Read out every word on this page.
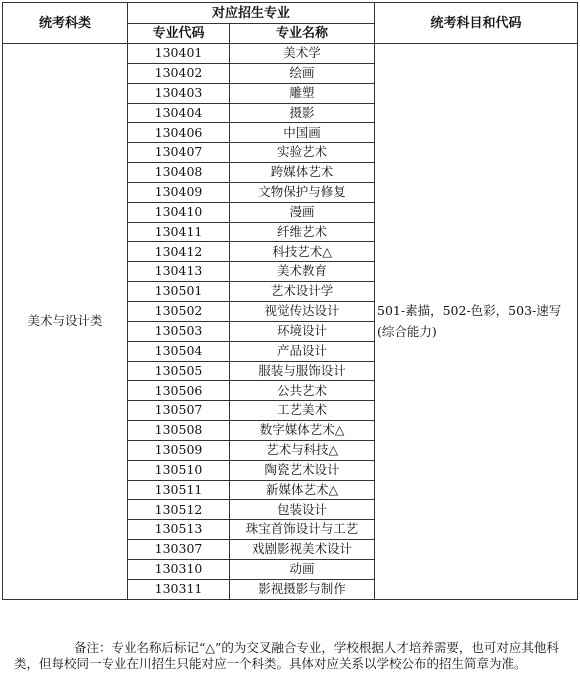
统考科类	对应招生专业		统考科目和代码
	专业代码	专业名称	
美术与设计类	130401	美术学	501-素描，502-色彩，503-速写(综合能力)
	130402	绘画	
	130403	雕塑	
	130404	摄影	
	130406	中国画	
	130407	实验艺术	
	130408	跨媒体艺术	
	130409	文物保护与修复	
	130410	漫画	
	130411	纤维艺术	
	130412	科技艺术△	
	130413	美术教育	
	130501	艺术设计学	
	130502	视觉传达设计	
	130503	环境设计	
	130504	产品设计	
	130505	服装与服饰设计	
	130506	公共艺术	
	130507	工艺美术	
	130508	数字媒体艺术△	
	130509	艺术与科技△	
	130510	陶瓷艺术设计	
	130511	新媒体艺术△	
	130512	包装设计	
	130513	珠宝首饰设计与工艺	
	130307	戏剧影视美术设计	
	130310	动画	
	130311	影视摄影与制作	

备注：专业名称后标记“△”的为交叉融合专业，学校根据人才培养需要，也可对应其他科类，但每校同一专业在川招生只能对应一个科类。具体对应关系以学校公布的招生简章为准。
